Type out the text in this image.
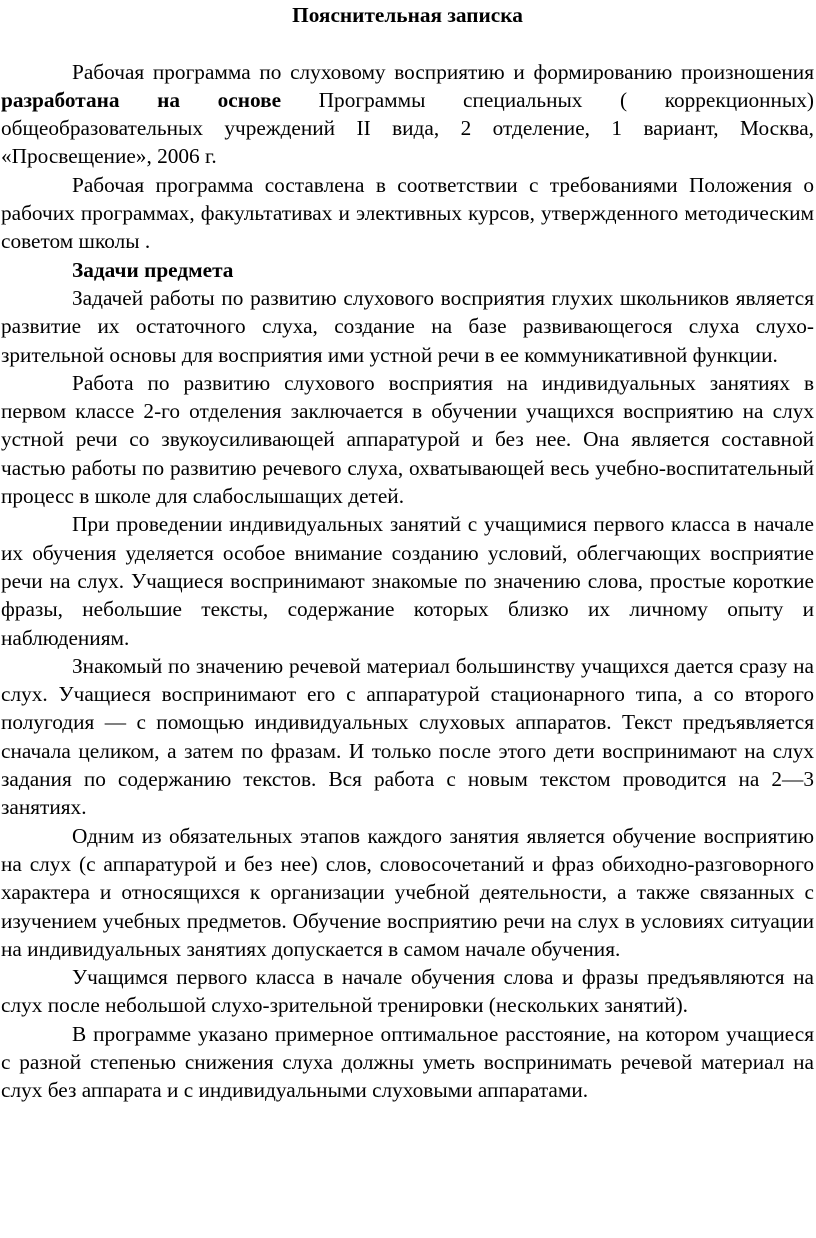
Пояснительная записка

Рабочая программа по слуховому восприятию и формированию произношения разработана на основе Программы специальных ( коррекционных) общеобразовательных учреждений II вида, 2 отделение, 1 вариант, Москва, «Просвещение», 2006 г.

Рабочая программа составлена в соответствии с требованиями Положения о рабочих программах, факультативах и элективных курсов, утвержденного методическим советом школы .

Задачи предмета

Задачей работы по развитию слухового восприятия глухих школьников является развитие их остаточного слуха, создание на базе развивающегося слуха слухо-зрительной основы для восприятия ими устной речи в ее коммуникативной функции.

Работа по развитию слухового восприятия на индивидуальных занятиях в первом классе 2-го отделения заключается в обучении учащихся восприятию на слух устной речи со звукоусиливающей аппаратурой и без нее. Она является составной частью работы по развитию речевого слуха, охватывающей весь учебно-воспитательный процесс в школе для слабослышащих детей.

При проведении индивидуальных занятий с учащимися первого класса в начале их обучения уделяется особое внимание созданию условий, облегчающих восприятие речи на слух. Учащиеся воспринимают знакомые по значению слова, простые короткие фразы, небольшие тексты, содержание которых близко их личному опыту и наблюдениям.

Знакомый по значению речевой материал большинству учащихся дается сразу на слух. Учащиеся воспринимают его с аппаратурой стационарного типа, а со второго полугодия — с помощью индивидуальных слуховых аппаратов. Текст предъявляется сначала целиком, а затем по фразам. И только после этого дети воспринимают на слух задания по содержанию текстов. Вся работа с новым текстом проводится на 2—3 занятиях.

Одним из обязательных этапов каждого занятия является обучение восприятию на слух (с аппаратурой и без нее) слов, словосочетаний и фраз обиходно-разговорного характера и относящихся к организации учебной деятельности, а также связанных с изучением учебных предметов. Обучение восприятию речи на слух в условиях ситуации на индивидуальных занятиях допускается в самом начале обучения.

Учащимся первого класса в начале обучения слова и фразы предъявляются на слух после небольшой слухо-зрительной тренировки (нескольких занятий).

В программе указано примерное оптимальное расстояние, на котором учащиеся с разной степенью снижения слуха должны уметь воспринимать речевой материал на слух без аппарата и с индивидуальными слуховыми аппаратами.
